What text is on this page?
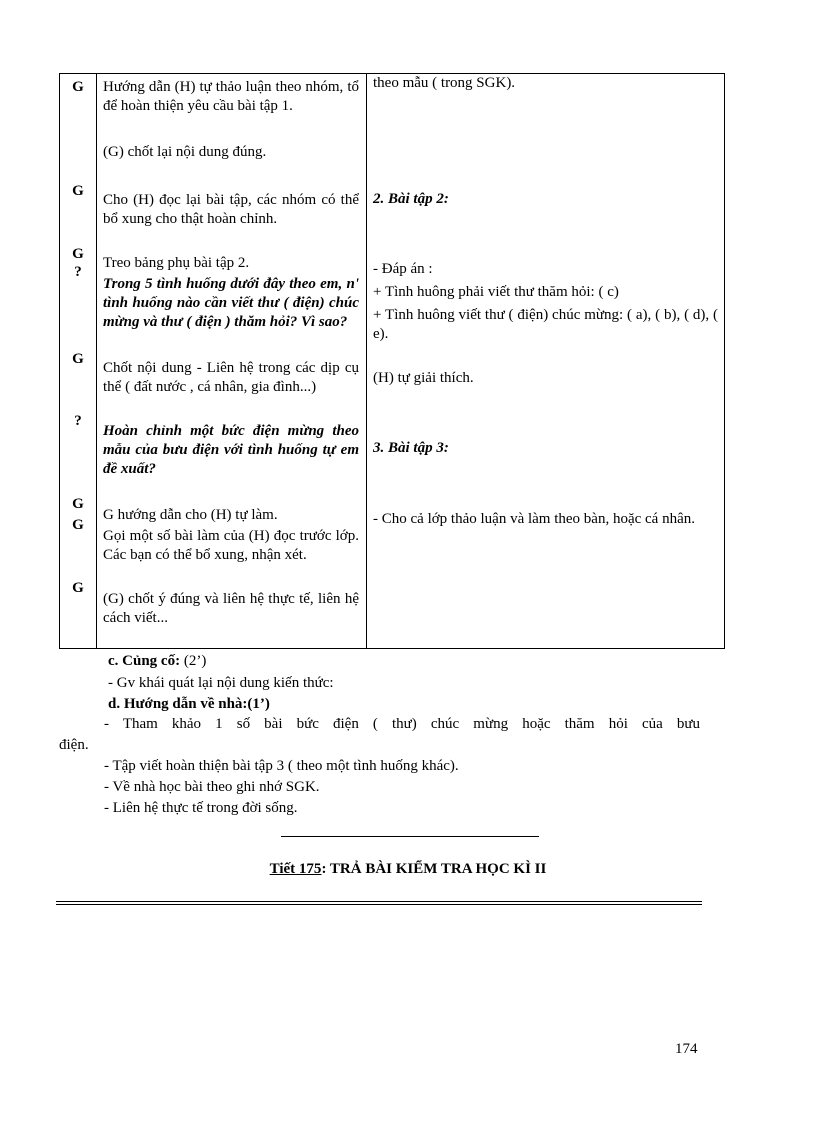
G
G
G
?
G
?
G
G
G
Hướng dẫn (H) tự thảo luận theo nhóm, tổ để hoàn thiện yêu cầu bài tập 1.
(G) chốt lại nội dung đúng.
Cho (H) đọc lại bài tập, các nhóm có thể bổ xung cho thật hoàn chỉnh.
Treo bảng phụ bài tập 2.
Trong 5 tình huống dưới đây theo em, n' tình huống nào cần viết thư ( điện) chúc mừng và thư ( điện ) thăm hỏi? Vì sao?
Chốt nội dung - Liên hệ trong các dịp cụ thể ( đất nước , cá nhân, gia đình...)
Hoàn chỉnh một bức điện mừng theo mẫu của bưu điện với tình huống tự em đề xuất?
G hướng dẫn cho (H) tự làm.
Gọi một số bài làm của (H) đọc trước lớp. Các bạn có thể bổ xung, nhận xét.
(G) chốt ý đúng và liên hệ thực tế, liên hệ cách viết...
theo mẫu ( trong SGK).
2. Bài tập 2:
- Đáp án :
+ Tình huông phải viết thư thăm hỏi: ( c)
+ Tình huông viết thư ( điện) chúc mừng: ( a), ( b), ( d), ( e).
(H) tự giải thích.
3. Bài tập 3:
- Cho cả lớp thảo luận và làm theo bàn, hoặc cá nhân.
c. Củng cố: (2’)
- Gv khái quát lại nội dung kiến thức:
d. Hướng dẫn về nhà:(1’)
- Tham khảo 1 số bài bức điện ( thư) chúc mừng hoặc thăm hỏi của bưu
điện.
- Tập viết hoàn thiện bài tập 3 ( theo một tình huống khác).
- Về nhà học bài theo ghi nhớ SGK.
- Liên hệ thực tế trong đời sống.
Tiết 175: TRẢ BÀI KIỂM TRA HỌC KÌ II
174
